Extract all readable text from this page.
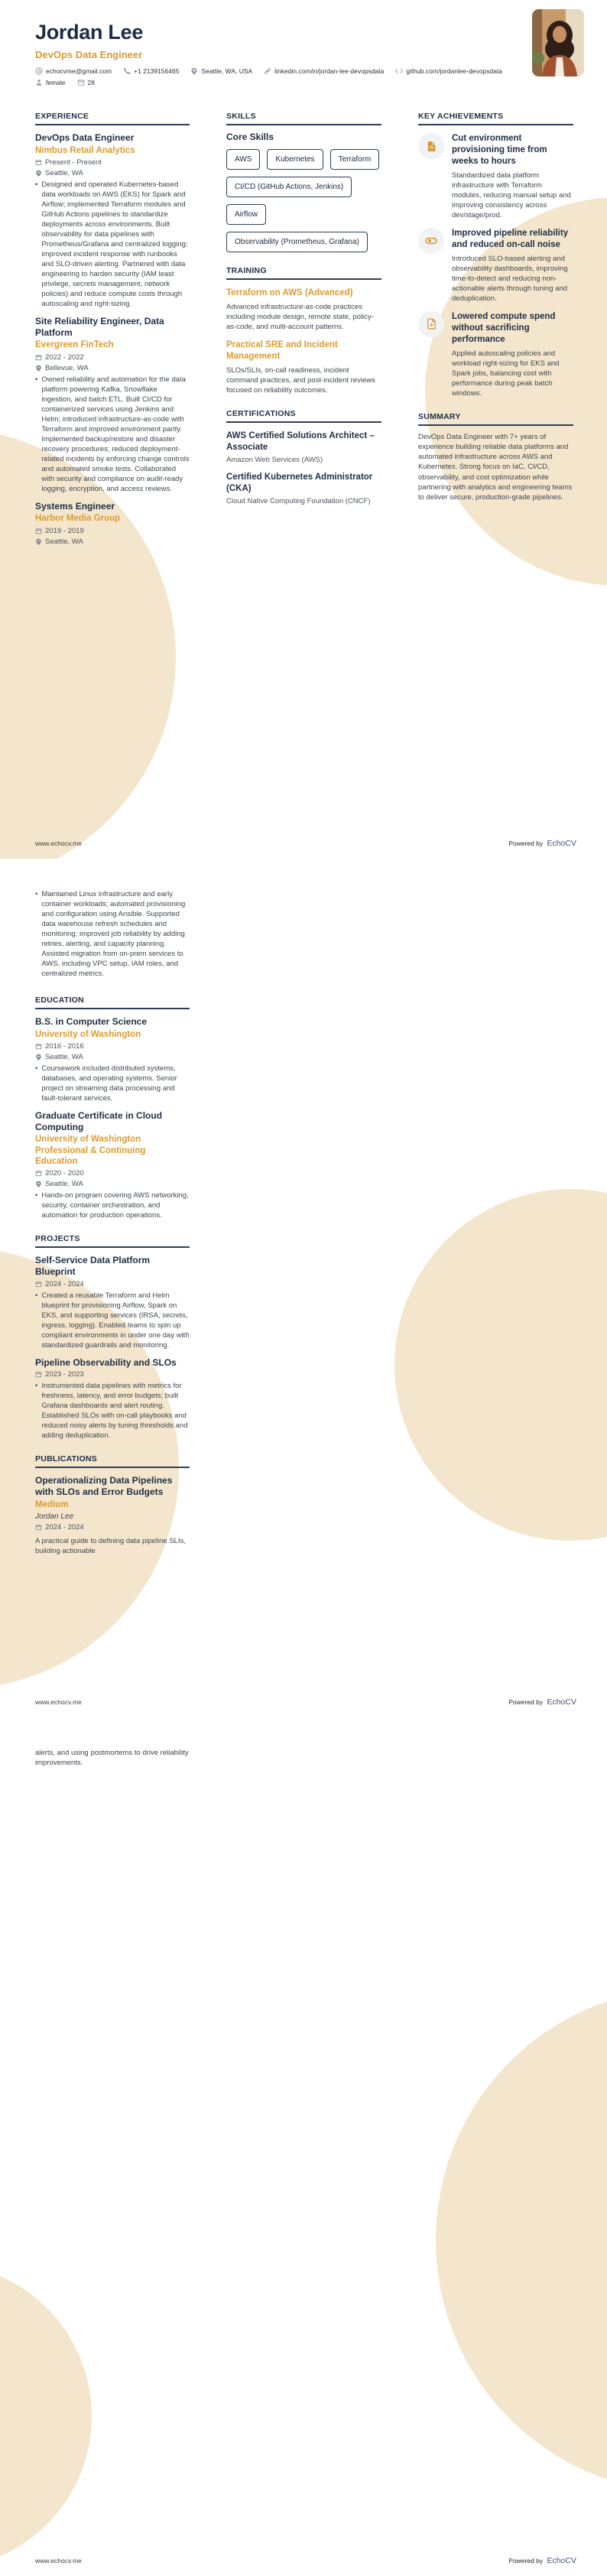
Jordan Lee
DevOps Data Engineer
echocvme@gmail.com	+1 2139156465	Seattle, WA, USA	linkedin.com/in/jordan-lee-devopsdata	github.com/jordanlee-devopsdata
female	28
EXPERIENCE
DevOps Data Engineer
Nimbus Retail Analytics
Present - Present
Seattle, WA
• Designed and operated Kubernetes-based data workloads on AWS (EKS) for Spark and Airflow; implemented Terraform modules and GitHub Actions pipelines to standardize deployments across environments. Built observability for data pipelines with Prometheus/Grafana and centralized logging; improved incident response with runbooks and SLO-driven alerting. Partnered with data engineering to harden security (IAM least privilege, secrets management, network policies) and reduce compute costs through autoscaling and right-sizing.
Site Reliability Engineer, Data Platform
Evergreen FinTech
2022 - 2022
Bellevue, WA
• Owned reliability and automation for the data platform powering Kafka, Snowflake ingestion, and batch ETL. Built CI/CD for containerized services using Jenkins and Helm; introduced infrastructure-as-code with Terraform and improved environment parity. Implemented backup/restore and disaster recovery procedures; reduced deployment-related incidents by enforcing change controls and automated smoke tests. Collaborated with security and compliance on audit-ready logging, encryption, and access reviews.
Systems Engineer
Harbor Media Group
2019 - 2019
Seattle, WA
SKILLS
Core Skills
AWS	Kubernetes	Terraform
CI/CD (GitHub Actions, Jenkins)
Airflow
Observability (Prometheus, Grafana)
TRAINING
Terraform on AWS (Advanced)
Advanced infrastructure-as-code practices including module design, remote state, policy-as-code, and multi-account patterns.
Practical SRE and Incident Management
SLOs/SLIs, on-call readiness, incident command practices, and post-incident reviews focused on reliability outcomes.
CERTIFICATIONS
AWS Certified Solutions Architect – Associate
Amazon Web Services (AWS)
Certified Kubernetes Administrator (CKA)
Cloud Native Computing Foundation (CNCF)
KEY ACHIEVEMENTS
Cut environment provisioning time from weeks to hours
Standardized data platform infrastructure with Terraform modules, reducing manual setup and improving consistency across dev/stage/prod.
Improved pipeline reliability and reduced on-call noise
Introduced SLO-based alerting and observability dashboards, improving time-to-detect and reducing non-actionable alerts through tuning and deduplication.
Lowered compute spend without sacrificing performance
Applied autoscaling policies and workload right-sizing for EKS and Spark jobs, balancing cost with performance during peak batch windows.
SUMMARY
DevOps Data Engineer with 7+ years of experience building reliable data platforms and automated infrastructure across AWS and Kubernetes. Strong focus on IaC, CI/CD, observability, and cost optimization while partnering with analytics and engineering teams to deliver secure, production-grade pipelines.
www.echocv.me	Powered by EchoCV
• Maintained Linux infrastructure and early container workloads; automated provisioning and configuration using Ansible. Supported data warehouse refresh schedules and monitoring; improved job reliability by adding retries, alerting, and capacity planning. Assisted migration from on-prem services to AWS, including VPC setup, IAM roles, and centralized metrics.
EDUCATION
B.S. in Computer Science
University of Washington
2016 - 2016
Seattle, WA
• Coursework included distributed systems, databases, and operating systems. Senior project on streaming data processing and fault-tolerant services.
Graduate Certificate in Cloud Computing
University of Washington Professional & Continuing Education
2020 - 2020
Seattle, WA
• Hands-on program covering AWS networking, security, container orchestration, and automation for production operations.
PROJECTS
Self-Service Data Platform Blueprint
2024 - 2024
• Created a reusable Terraform and Helm blueprint for provisioning Airflow, Spark on EKS, and supporting services (IRSA, secrets, ingress, logging). Enabled teams to spin up compliant environments in under one day with standardized guardrails and monitoring.
Pipeline Observability and SLOs
2023 - 2023
• Instrumented data pipelines with metrics for freshness, latency, and error budgets; built Grafana dashboards and alert routing. Established SLOs with on-call playbooks and reduced noisy alerts by tuning thresholds and adding deduplication.
PUBLICATIONS
Operationalizing Data Pipelines with SLOs and Error Budgets
Medium
Jordan Lee
2024 - 2024
A practical guide to defining data pipeline SLIs, building actionable
www.echocv.me	Powered by EchoCV
alerts, and using postmortems to drive reliability improvements.
www.echocv.me	Powered by EchoCV
